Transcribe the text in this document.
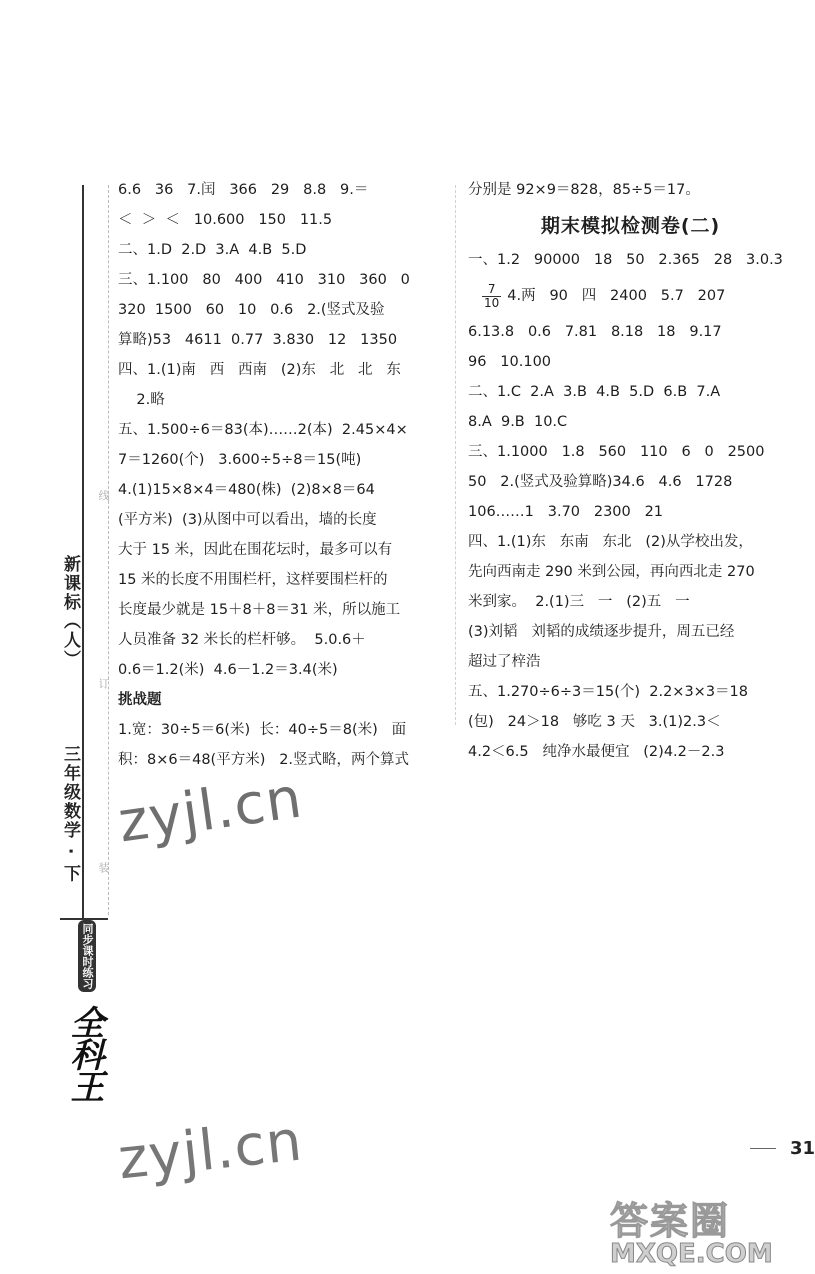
新课标（人）
三年级数学 · 下
线
订
装
同步课时练习
全科王
6.6   36   7.闰   366   29   8.8   9.＝
＜  ＞  ＜   10.600   150   11.5
二、1.D  2.D  3.A  4.B  5.D
三、1.100   80   400   410   310   360   0
320  1500   60   10   0.6   2.(竖式及验
算略)53   4611  0.77  3.830   12   1350
四、1.(1)南   西   西南   (2)东   北   北   东
2.略
五、1.500÷6＝83(本)……2(本)  2.45×4×
7＝1260(个)   3.600÷5÷8＝15(吨)
4.(1)15×8×4＝480(株)  (2)8×8＝64
(平方米)  (3)从图中可以看出，墙的长度
大于 15 米，因此在围花坛时，最多可以有
15 米的长度不用围栏杆，这样要围栏杆的
长度最少就是 15＋8＋8＝31 米，所以施工
人员准备 32 米长的栏杆够。  5.0.6＋
0.6＝1.2(米)  4.6－1.2＝3.4(米)
挑战题
1.宽：30÷5＝6(米)  长：40÷5＝8(米)   面
积：8×6＝48(平方米)   2.竖式略，两个算式
分别是 92×9＝828，85÷5＝17。
期末模拟检测卷(二)
一、1.2   90000   18   50   2.365   28   3.0.3
$\frac{7}{10} 4$.两   90   四   2400   5.7   207
6.13.8   0.6   7.81   8.18   18   9.17
96   10.100
二、1.C  2.A  3.B  4.B  5.D  6.B  7.A
8.A  9.B  10.C
三、1.1000   1.8   560   110   6   0   2500
50   2.(竖式及验算略)34.6   4.6   1728
106……1   3.70   2300   21
四、1.(1)东   东南   东北   (2)从学校出发，
先向西南走 290 米到公园，再向西北走 270
米到家。  2.(1)三   一   (2)五   一
(3)刘韬   刘韬的成绩逐步提升，周五已经
超过了梓浩
五、1.270÷6÷3＝15(个)  2.2×3×3＝18
(包)   24＞18   够吃 3 天   3.(1)2.3＜
4.2＜6.5   纯净水最便宜   (2)4.2－2.3
zyjl.cn
zyjl.cn	31
答案圈
MXQE.COM
